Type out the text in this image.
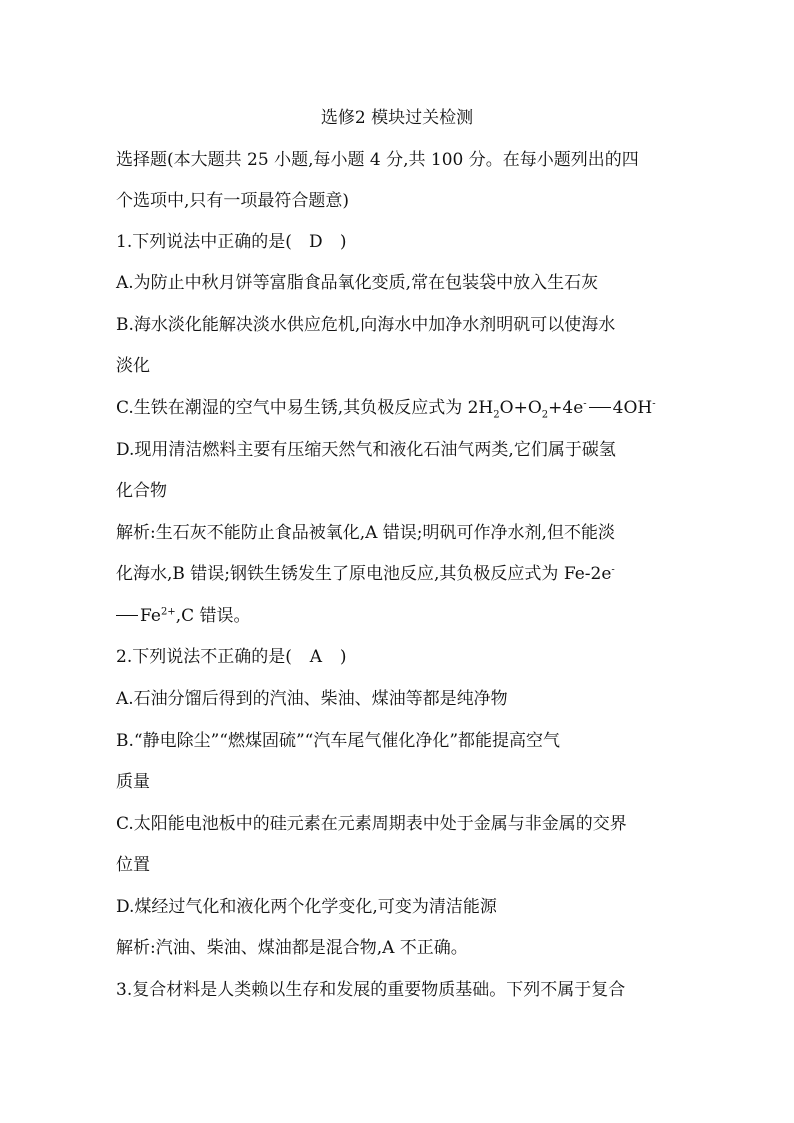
选修2 模块过关检测
选择题(本大题共 25 小题,每小题 4 分,共 100 分。在每小题列出的四
个选项中,只有一项最符合题意)
1.下列说法中正确的是( D )
A.为防止中秋月饼等富脂食品氧化变质,常在包装袋中放入生石灰
B.海水淡化能解决淡水供应危机,向海水中加净水剂明矾可以使海水
淡化
C.生铁在潮湿的空气中易生锈,其负极反应式为 $2H_2O+O_2+4e^-$ 4OH-
D.现用清洁燃料主要有压缩天然气和液化石油气两类,它们属于碳氢
化合物
解析:生石灰不能防止食品被氧化,A 错误;明矾可作净水剂,但不能淡
化海水,B 错误;钢铁生锈发生了原电池反应,其负极反应式为 Fe-2e-
$Fe^{2+},C$ 错误。
2.下列说法不正确的是( A )
A.石油分馏后得到的汽油、柴油、煤油等都是纯净物
B.“静电除尘”“燃煤固硫”“汽车尾气催化净化”都能提高空气
质量
C.太阳能电池板中的硅元素在元素周期表中处于金属与非金属的交界
位置
D.煤经过气化和液化两个化学变化,可变为清洁能源
解析:汽油、柴油、煤油都是混合物,A 不正确。
3.复合材料是人类赖以生存和发展的重要物质基础。下列不属于复合
